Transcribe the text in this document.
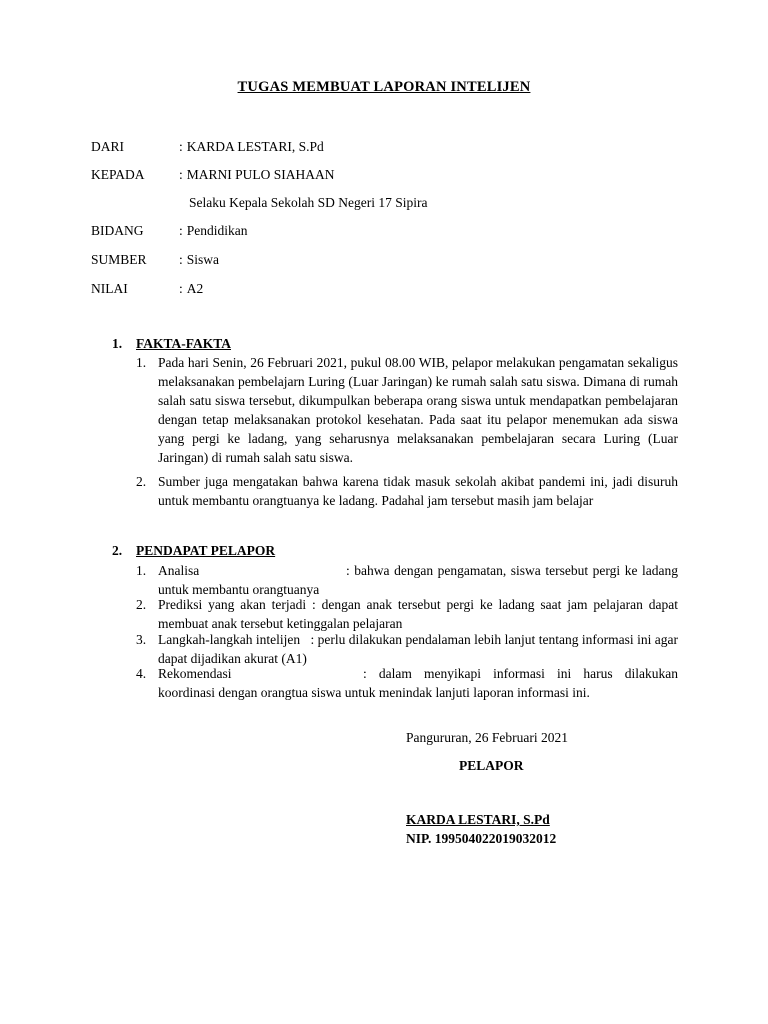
TUGAS MEMBUAT LAPORAN INTELIJEN
DARI	: KARDA LESTARI, S.Pd
KEPADA	: MARNI PULO SIAHAAN
Selaku Kepala Sekolah SD Negeri 17 Sipira
BIDANG	: Pendidikan
SUMBER : Siswa
NILAI	: A2
1. FAKTA-FAKTA
1. Pada hari Senin, 26 Februari 2021, pukul 08.00 WIB, pelapor melakukan pengamatan sekaligus melaksanakan pembelajarn Luring (Luar Jaringan) ke rumah salah satu siswa. Dimana di rumah salah satu siswa tersebut, dikumpulkan beberapa orang siswa untuk mendapatkan pembelajaran dengan tetap melaksanakan protokol kesehatan. Pada saat itu pelapor menemukan ada siswa yang pergi ke ladang, yang seharusnya melaksanakan pembelajaran secara Luring (Luar Jaringan) di rumah salah satu siswa.
2. Sumber juga mengatakan bahwa karena tidak masuk sekolah akibat pandemi ini, jadi disuruh untuk membantu orangtuanya ke ladang. Padahal jam tersebut masih jam belajar
2. PENDAPAT PELAPOR
1. Analisa	: bahwa dengan pengamatan, siswa tersebut pergi ke ladang untuk membantu orangtuanya
2. Prediksi yang akan terjadi : dengan anak tersebut pergi ke ladang saat jam pelajaran dapat membuat anak tersebut ketinggalan pelajaran
3. Langkah-langkah intelijen : perlu dilakukan pendalaman lebih lanjut tentang informasi ini agar dapat dijadikan akurat (A1)
4. Rekomendasi	: dalam menyikapi informasi ini harus dilakukan koordinasi dengan orangtua siswa untuk menindak lanjuti laporan informasi ini.
Pangururan, 26 Februari 2021
PELAPOR
KARDA LESTARI, S.Pd
NIP. 199504022019032012
